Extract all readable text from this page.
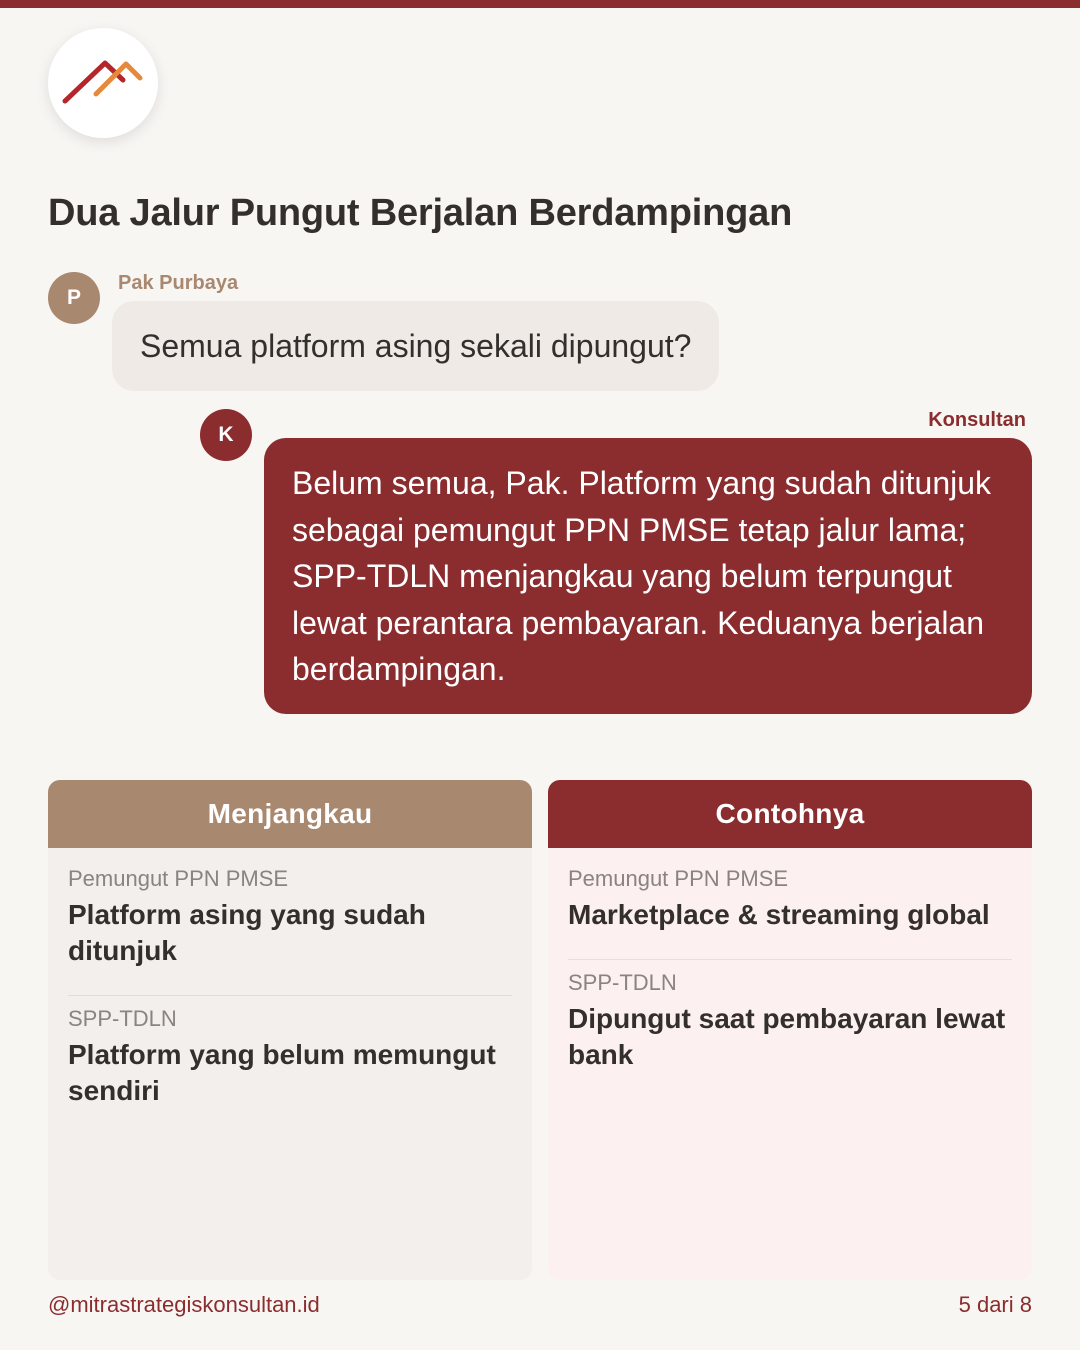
Dua Jalur Pungut Berjalan Berdampingan
P
Pak Purbaya
Semua platform asing sekali dipungut?
K
Konsultan
Belum semua, Pak. Platform yang sudah ditunjuk sebagai pemungut PPN PMSE tetap jalur lama; SPP-TDLN menjangkau yang belum terpungut lewat perantara pembayaran. Keduanya berjalan berdampingan.
Menjangkau
Pemungut PPN PMSE
Platform asing yang sudah ditunjuk
SPP-TDLN
Platform yang belum memungut sendiri
Contohnya
Pemungut PPN PMSE
Marketplace & streaming global
SPP-TDLN
Dipungut saat pembayaran lewat bank
@mitrastrategiskonsultan.id	5 dari 8
